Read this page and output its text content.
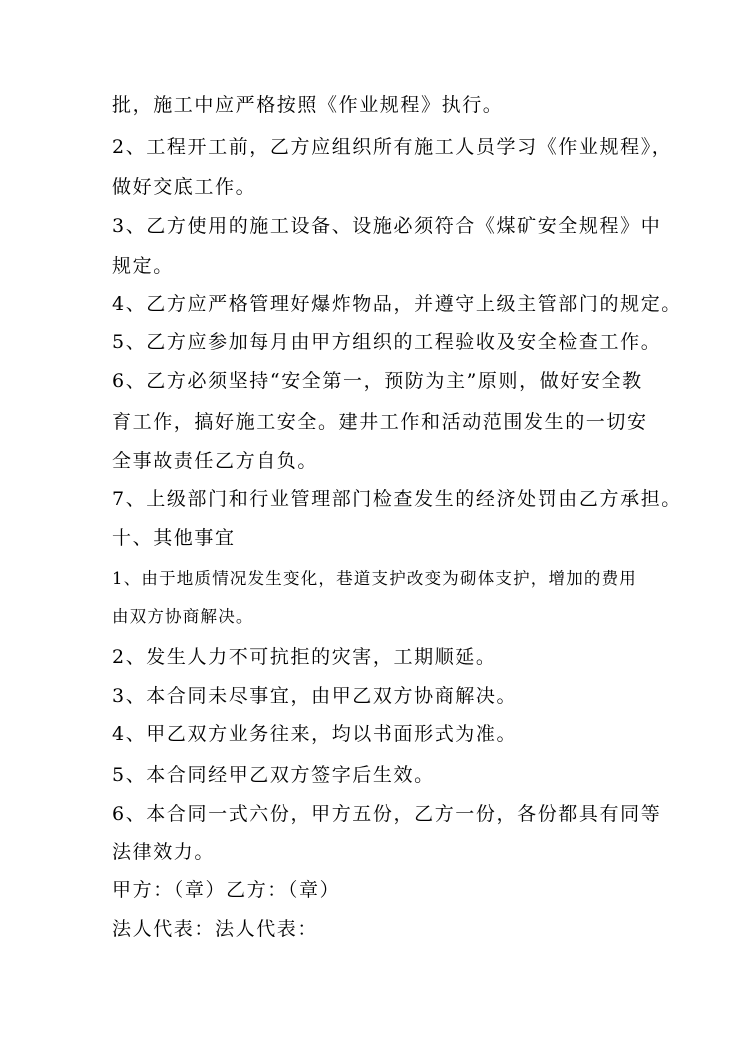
批，施工中应严格按照《作业规程》执行。
2、工程开工前，乙方应组织所有施工人员学习《作业规程》，
做好交底工作。
3、乙方使用的施工设备、设施必须符合《煤矿安全规程》中
规定。
4、乙方应严格管理好爆炸物品，并遵守上级主管部门的规定。
5、乙方应参加每月由甲方组织的工程验收及安全检查工作。
6、乙方必须坚持“安全第一，预防为主”原则，做好安全教
育工作，搞好施工安全。建井工作和活动范围发生的一切安
全事故责任乙方自负。
7、上级部门和行业管理部门检查发生的经济处罚由乙方承担。
十、其他事宜
1、由于地质情况发生变化，巷道支护改变为砌体支护，增加的费用
由双方协商解决。
2、发生人力不可抗拒的灾害，工期顺延。
3、本合同未尽事宜，由甲乙双方协商解决。
4、甲乙双方业务往来，均以书面形式为准。
5、本合同经甲乙双方签字后生效。
6、本合同一式六份，甲方五份，乙方一份，各份都具有同等
法律效力。
甲方：（章）乙方：（章）
法人代表：法人代表：
